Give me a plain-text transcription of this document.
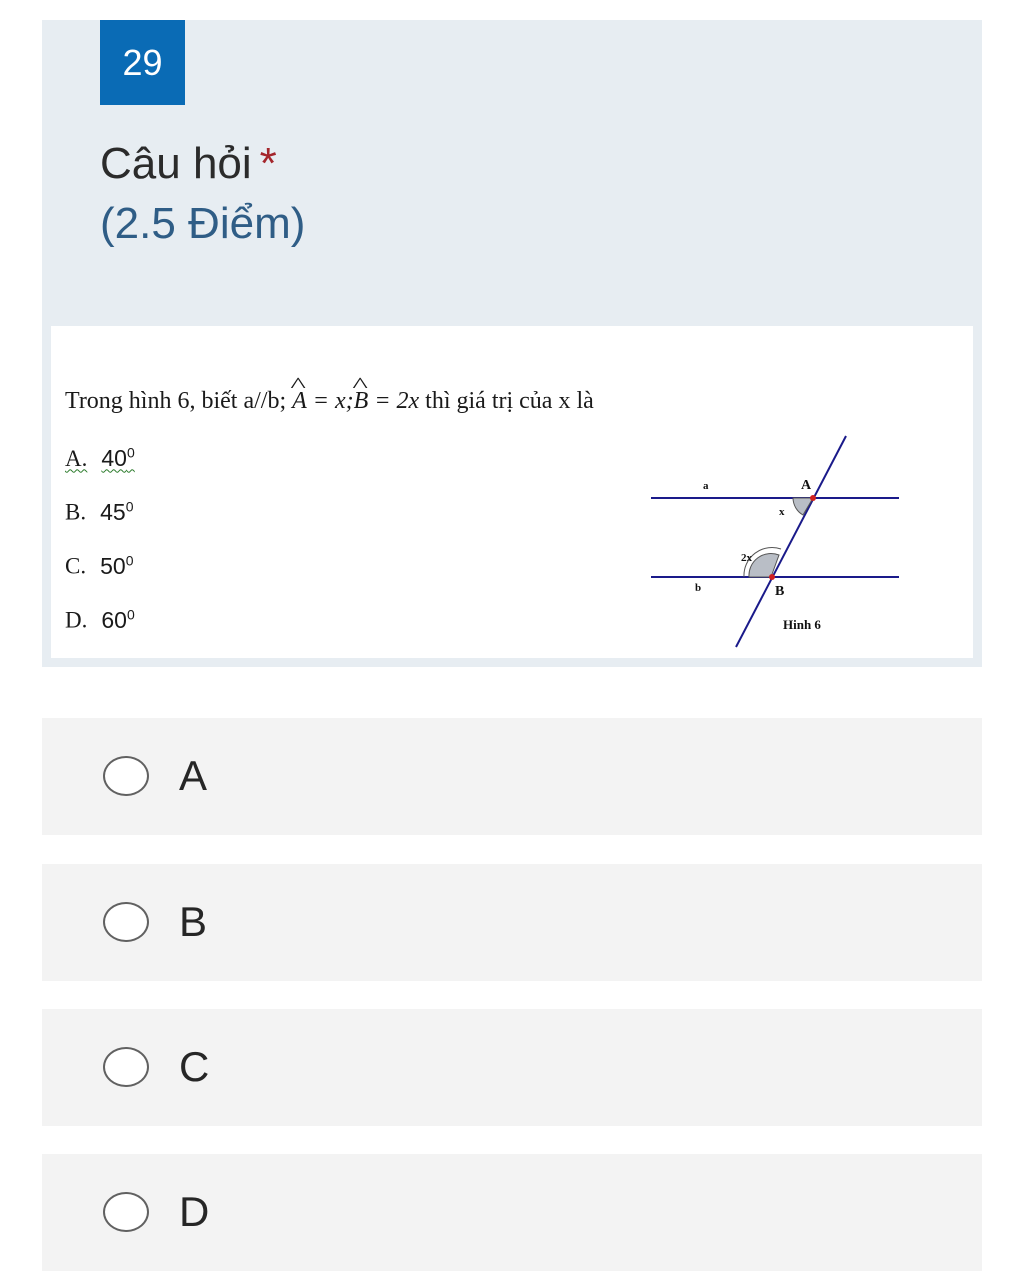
29
Câu hỏi *
(2.5 Điểm)
Trong hình 6, biết a//b; ^ A = x;^ B = 2x thì giá trị của x là
A. $40^0$
B. $45^0$
C. $50^0$
D. $60^0$
a
b
A
B
x
2x
Hinh 6
A
B
C
D
